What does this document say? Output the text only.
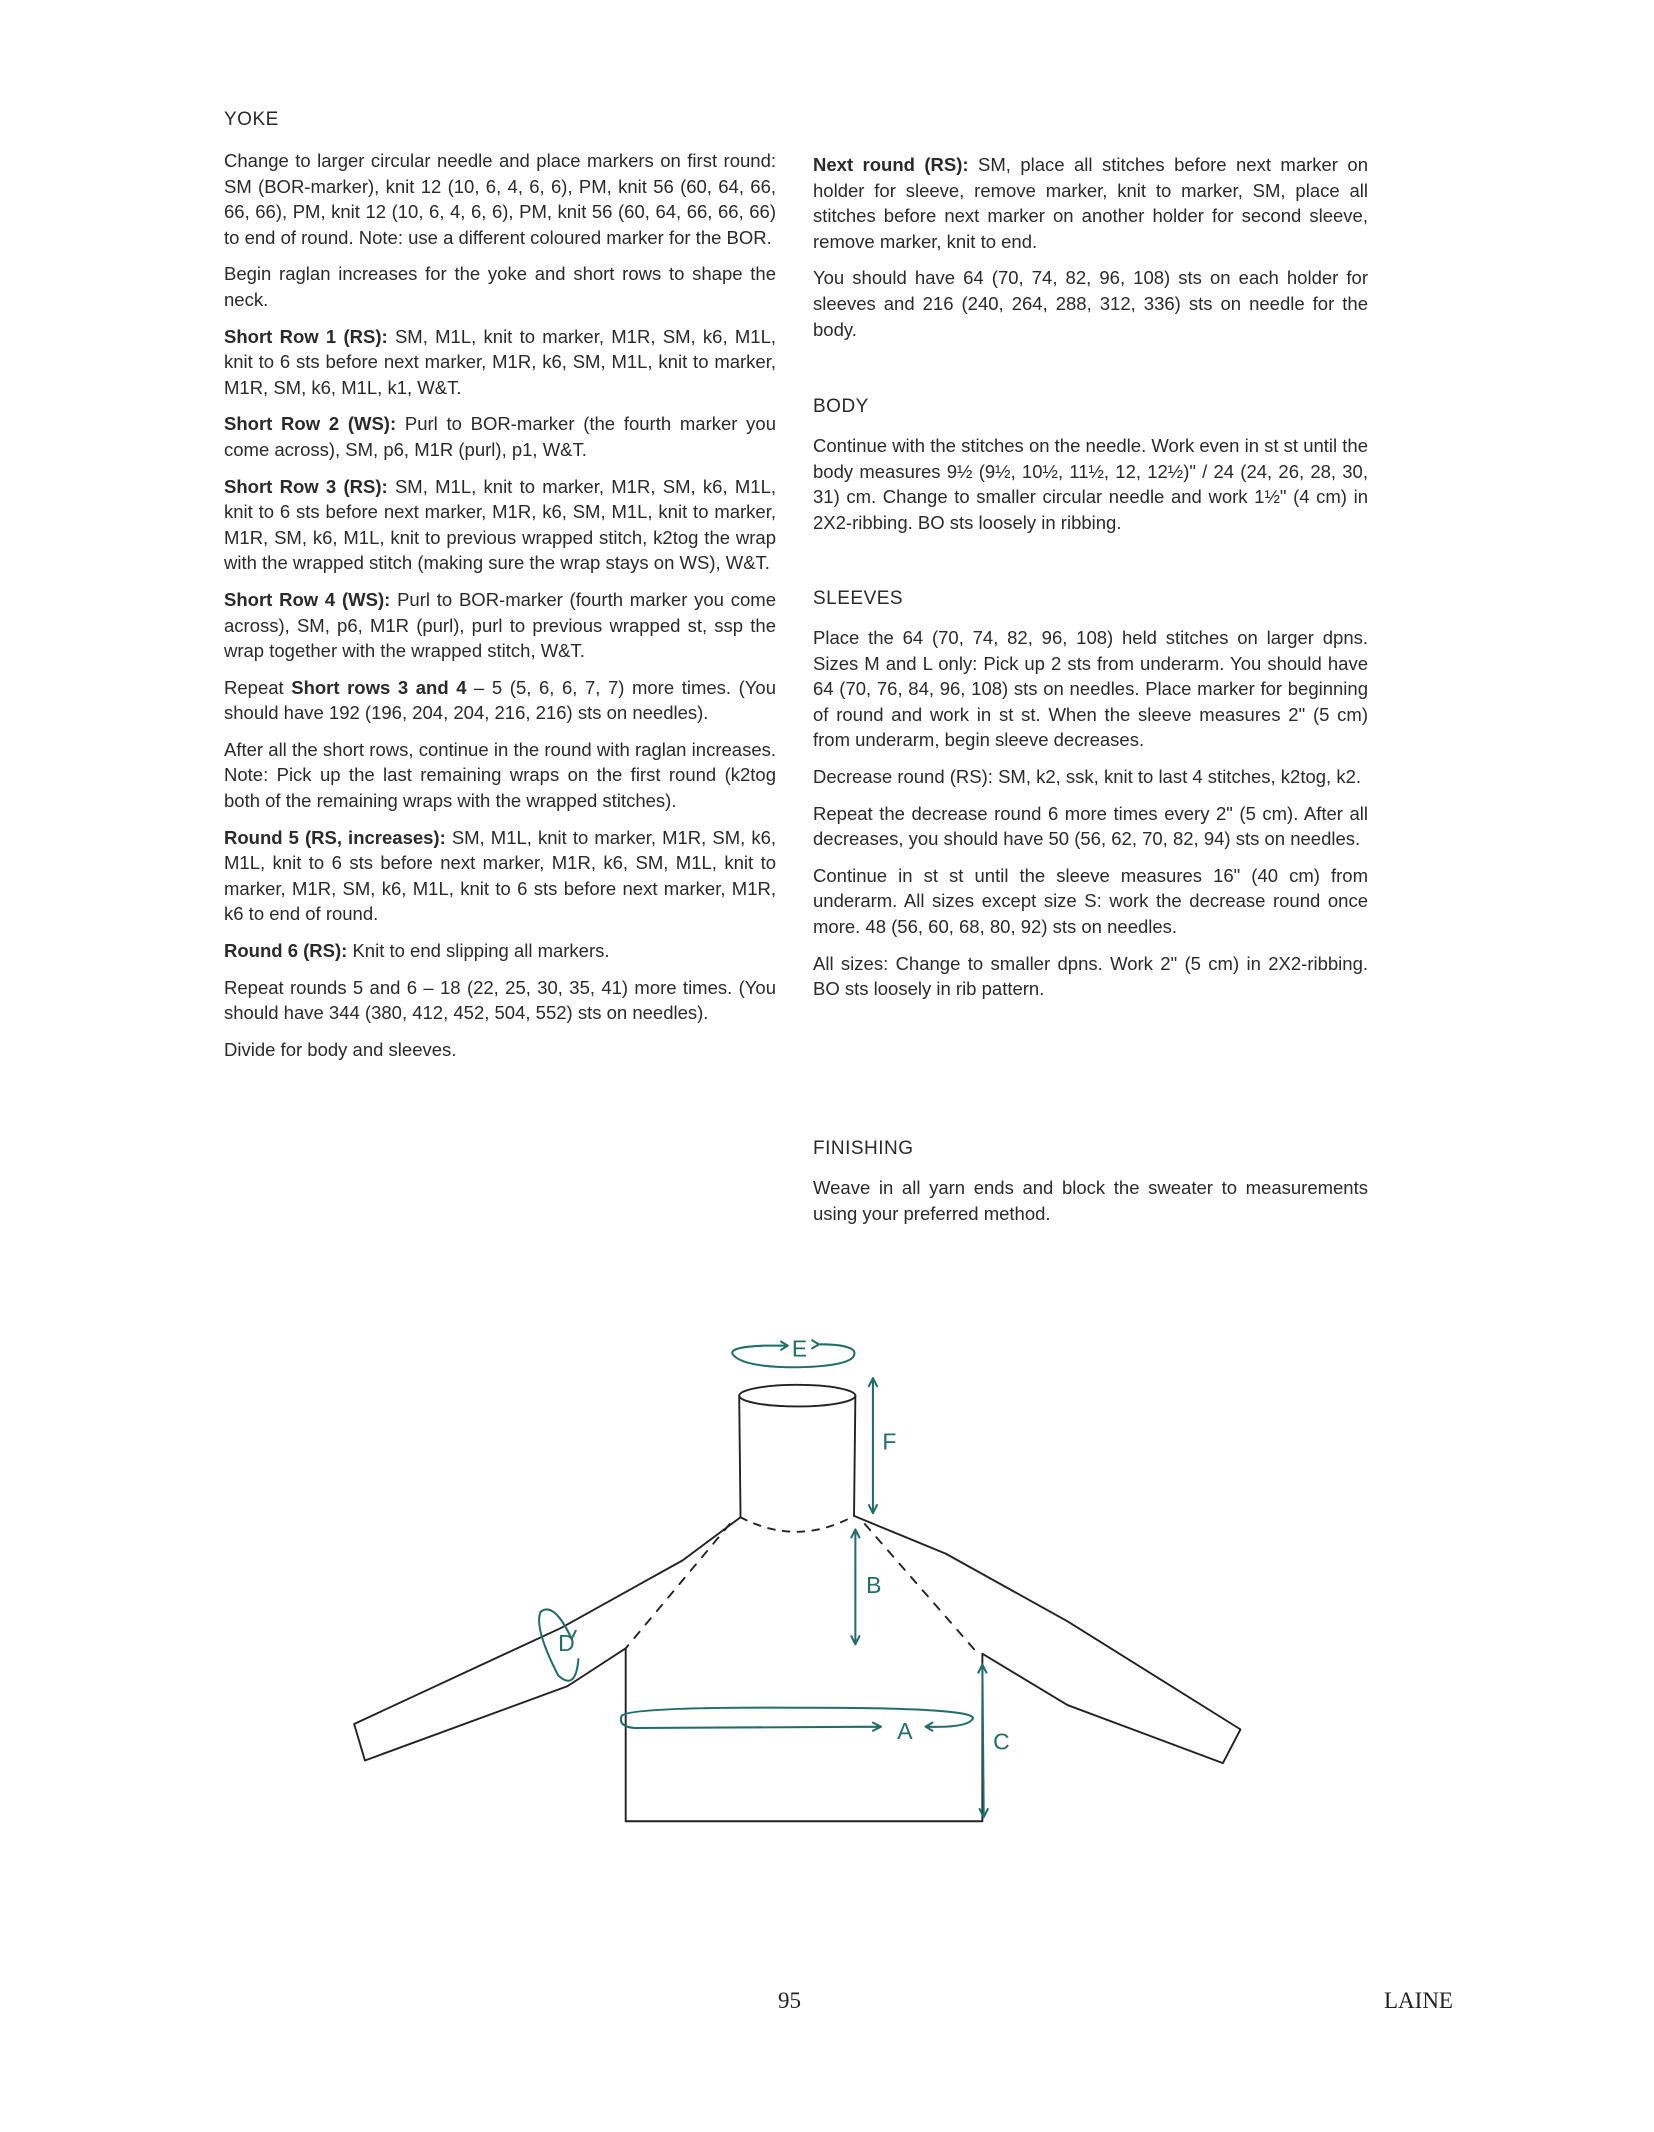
YOKE

Change to larger circular needle and place markers on first round: SM (BOR-marker), knit 12 (10, 6, 4, 6, 6), PM, knit 56 (60, 64, 66, 66, 66), PM, knit 12 (10, 6, 4, 6, 6), PM, knit 56 (60, 64, 66, 66, 66) to end of round. Note: use a different coloured marker for the BOR.

Begin raglan increases for the yoke and short rows to shape the neck.

Short Row 1 (RS): SM, M1L, knit to marker, M1R, SM, k6, M1L, knit to 6 sts before next marker, M1R, k6, SM, M1L, knit to marker, M1R, SM, k6, M1L, k1, W&T.

Short Row 2 (WS): Purl to BOR-marker (the fourth marker you come across), SM, p6, M1R (purl), p1, W&T.

Short Row 3 (RS): SM, M1L, knit to marker, M1R, SM, k6, M1L, knit to 6 sts before next marker, M1R, k6, SM, M1L, knit to marker, M1R, SM, k6, M1L, knit to previous wrapped stitch, k2tog the wrap with the wrapped stitch (making sure the wrap stays on WS), W&T.

Short Row 4 (WS): Purl to BOR-marker (fourth marker you come across), SM, p6, M1R (purl), purl to previous wrapped st, ssp the wrap together with the wrapped stitch, W&T.

Repeat Short rows 3 and 4 – 5 (5, 6, 6, 7, 7) more times. (You should have 192 (196, 204, 204, 216, 216) sts on needles).

After all the short rows, continue in the round with raglan increases. Note: Pick up the last remaining wraps on the first round (k2tog both of the remaining wraps with the wrapped stitches).

Round 5 (RS, increases): SM, M1L, knit to marker, M1R, SM, k6, M1L, knit to 6 sts before next marker, M1R, k6, SM, M1L, knit to marker, M1R, SM, k6, M1L, knit to 6 sts before next marker, M1R, k6 to end of round.

Round 6 (RS): Knit to end slipping all markers.

Repeat rounds 5 and 6 – 18 (22, 25, 30, 35, 41) more times. (You should have 344 (380, 412, 452, 504, 552) sts on needles).

Divide for body and sleeves.

Next round (RS): SM, place all stitches before next marker on holder for sleeve, remove marker, knit to marker, SM, place all stitches before next marker on another holder for second sleeve, remove marker, knit to end.

You should have 64 (70, 74, 82, 96, 108) sts on each holder for sleeves and 216 (240, 264, 288, 312, 336) sts on needle for the body.

BODY

Continue with the stitches on the needle. Work even in st st until the body measures 9½ (9½, 10½, 11½, 12, 12½)" / 24 (24, 26, 28, 30, 31) cm. Change to smaller circular needle and work 1½" (4 cm) in 2X2-ribbing. BO sts loosely in ribbing.

SLEEVES

Place the 64 (70, 74, 82, 96, 108) held stitches on larger dpns. Sizes M and L only: Pick up 2 sts from underarm. You should have 64 (70, 76, 84, 96, 108) sts on needles. Place marker for beginning of round and work in st st. When the sleeve measures 2" (5 cm) from underarm, begin sleeve decreases.

Decrease round (RS): SM, k2, ssk, knit to last 4 stitches, k2tog, k2.

Repeat the decrease round 6 more times every 2" (5 cm). After all decreases, you should have 50 (56, 62, 70, 82, 94) sts on needles.

Continue in st st until the sleeve measures 16" (40 cm) from underarm. All sizes except size S: work the decrease round once more. 48 (56, 60, 68, 80, 92) sts on needles.

All sizes: Change to smaller dpns. Work 2" (5 cm) in 2X2-ribbing. BO sts loosely in rib pattern.

FINISHING

Weave in all yarn ends and block the sweater to measurements using your preferred method.

E
F
B
D
A	C
95	LAINE
